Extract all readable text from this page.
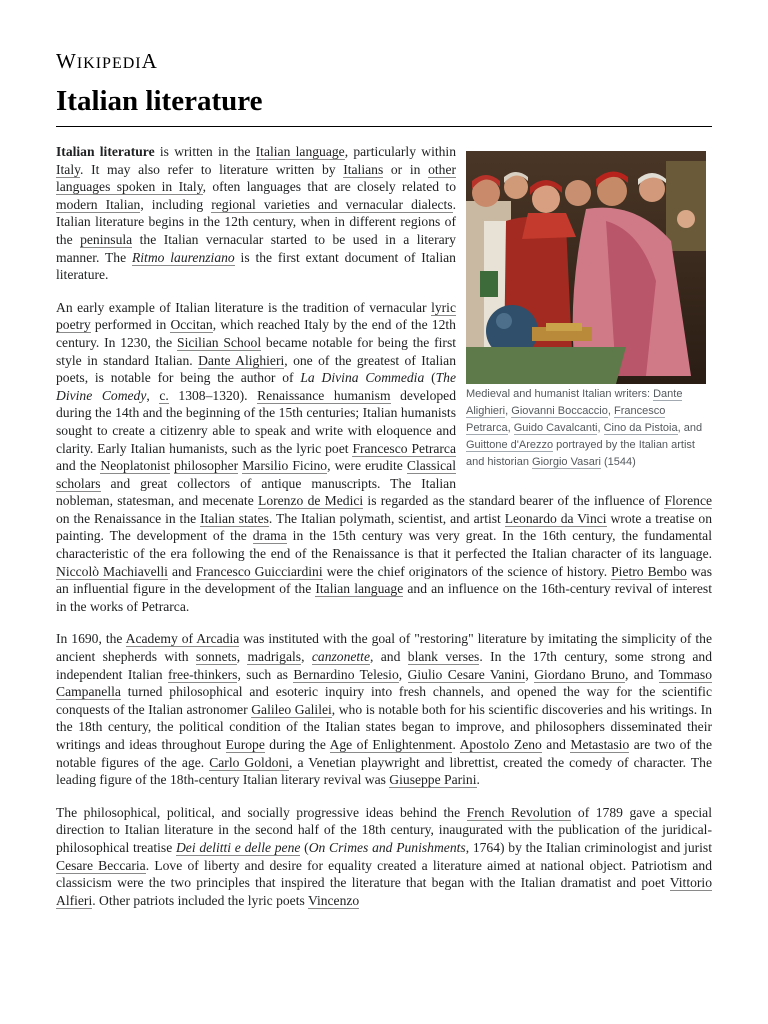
WIKIPEDIA
Italian literature
Medieval and humanist Italian writers: Dante Alighieri, Giovanni Boccaccio, Francesco Petrarca, Guido Cavalcanti, Cino da Pistoia, and Guittone d'Arezzo portrayed by the Italian artist and historian Giorgio Vasari (1544)

Italian literature is written in the Italian language, particularly within Italy. It may also refer to literature written by Italians or in other languages spoken in Italy, often languages that are closely related to modern Italian, including regional varieties and vernacular dialects. Italian literature begins in the 12th century, when in different regions of the peninsula the Italian vernacular started to be used in a literary manner. The Ritmo laurenziano is the first extant document of Italian literature.

An early example of Italian literature is the tradition of vernacular lyric poetry performed in Occitan, which reached Italy by the end of the 12th century. In 1230, the Sicilian School became notable for being the first style in standard Italian. Dante Alighieri, one of the greatest of Italian poets, is notable for being the author of La Divina Commedia (The Divine Comedy, c. 1308–1320). Renaissance humanism developed during the 14th and the beginning of the 15th centuries; Italian humanists sought to create a citizenry able to speak and write with eloquence and clarity. Early Italian humanists, such as the lyric poet Francesco Petrarca and the Neoplatonist philosopher Marsilio Ficino, were erudite Classical scholars and great collectors of antique manuscripts. The Italian nobleman, statesman, and mecenate Lorenzo de Medici is regarded as the standard bearer of the influence of Florence on the Renaissance in the Italian states. The Italian polymath, scientist, and artist Leonardo da Vinci wrote a treatise on painting. The development of the drama in the 15th century was very great. In the 16th century, the fundamental characteristic of the era following the end of the Renaissance is that it perfected the Italian character of its language. Niccolò Machiavelli and Francesco Guicciardini were the chief originators of the science of history. Pietro Bembo was an influential figure in the development of the Italian language and an influence on the 16th-century revival of interest in the works of Petrarca.

In 1690, the Academy of Arcadia was instituted with the goal of "restoring" literature by imitating the simplicity of the ancient shepherds with sonnets, madrigals, canzonette, and blank verses. In the 17th century, some strong and independent Italian free-thinkers, such as Bernardino Telesio, Giulio Cesare Vanini, Giordano Bruno, and Tommaso Campanella turned philosophical and esoteric inquiry into fresh channels, and opened the way for the scientific conquests of the Italian astronomer Galileo Galilei, who is notable both for his scientific discoveries and his writings. In the 18th century, the political condition of the Italian states began to improve, and philosophers disseminated their writings and ideas throughout Europe during the Age of Enlightenment. Apostolo Zeno and Metastasio are two of the notable figures of the age. Carlo Goldoni, a Venetian playwright and librettist, created the comedy of character. The leading figure of the 18th-century Italian literary revival was Giuseppe Parini.

The philosophical, political, and socially progressive ideas behind the French Revolution of 1789 gave a special direction to Italian literature in the second half of the 18th century, inaugurated with the publication of the juridical-philosophical treatise Dei delitti e delle pene (On Crimes and Punishments, 1764) by the Italian criminologist and jurist Cesare Beccaria. Love of liberty and desire for equality created a literature aimed at national object. Patriotism and classicism were the two principles that inspired the literature that began with the Italian dramatist and poet Vittorio Alfieri. Other patriots included the lyric poets Vincenzo
